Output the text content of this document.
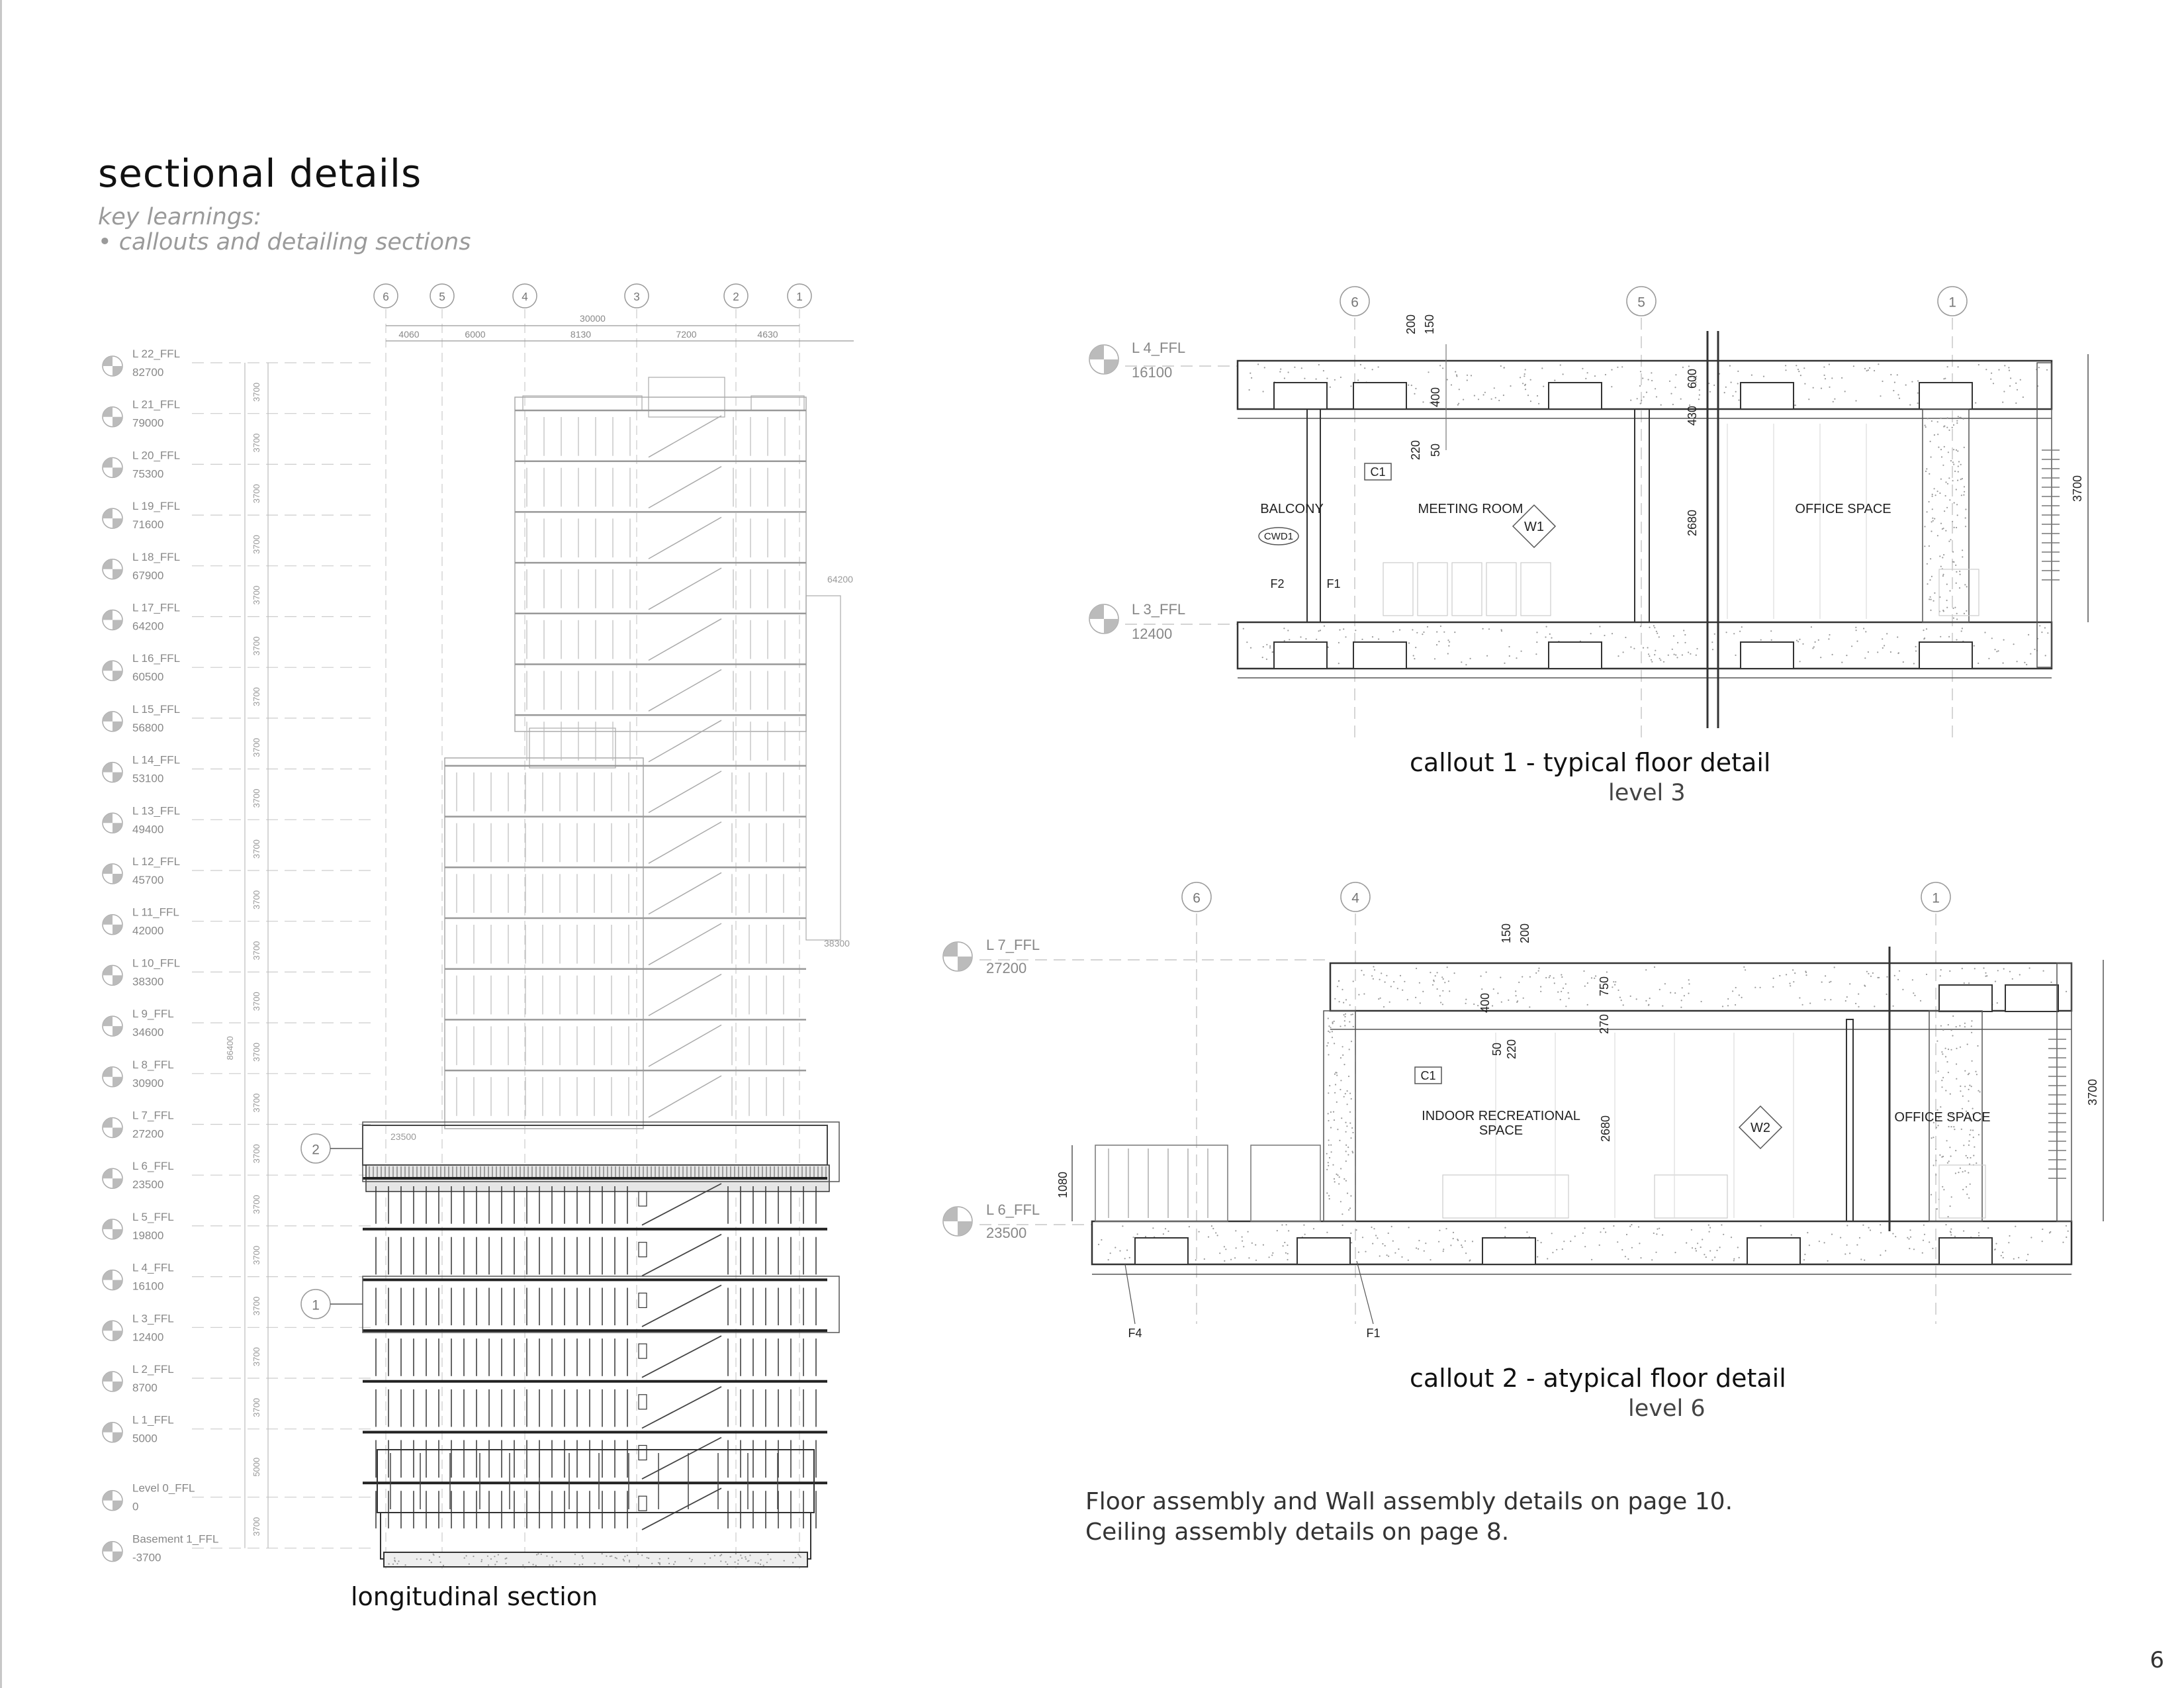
sectional details
key learnings:
• callouts and detailing sections
6	5	4	3	2	1
30000
4060	6000	8130	7200	4630
L 22_FFL
82700
L 21_FFL
79000
L 20_FFL
75300
L 19_FFL
71600
L 18_FFL
67900
L 17_FFL
64200
L 16_FFL
60500
L 15_FFL
56800
L 14_FFL
53100
L 13_FFL
49400
L 12_FFL
45700
L 11_FFL
42000
L 10_FFL
38300
L 9_FFL
34600
L 8_FFL
30900
L 7_FFL
27200
L 6_FFL
23500
L 5_FFL
19800
L 4_FFL
16100
L 3_FFL
12400
L 2_FFL
8700
L 1_FFL
5000
Level 0_FFL
0
Basement 1_FFL
-3700
3700
3700
3700
3700
3700
3700
3700
3700
3700
3700
3700
3700
3700
3700
3700
3700
3700
3700
3700
3700
3700
5000
3700
86400
64200
38300
23500
2
1
6	5	1
L 4_FFL
16100
L 3_FFL
12400
BALCONY	MEETING ROOM	OFFICE SPACE
C1
CWD1
W1
F2	F1
200 150
400
220 50
600
430
2680
3700
6	4	1
L 7_FFL
27200
L 6_FFL
23500
INDOOR RECREATIONAL
SPACE
OFFICE SPACE
C1
W2
F4	F1
150 200
400
750
50 220
270
2680
3700
1080
longitudinal section
callout 1 - typical floor detail
level 3
callout 2 - atypical floor detail
level 6
Floor assembly and Wall assembly details on page 10.
Ceiling assembly details on page 8.
6
